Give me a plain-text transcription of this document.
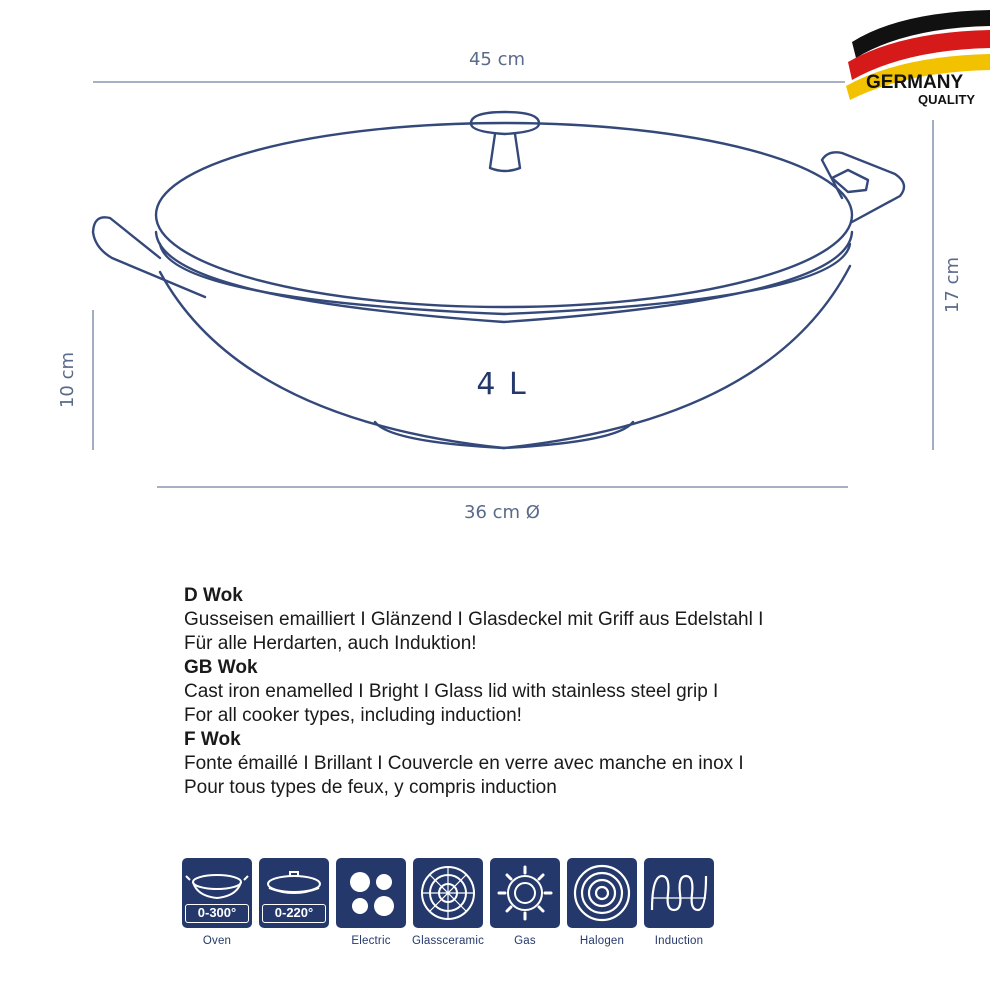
45 cm
17 cm
10 cm
36 cm Ø
4 L
GERMANY
QUALITY
D Wok
Gusseisen emailliert I Glänzend I Glasdeckel mit Griff aus Edelstahl I
Für alle Herdarten, auch Induktion!
GB Wok
Cast iron enamelled I Bright I Glass lid with stainless steel grip I
For all cooker types, including induction!
F Wok
Fonte émaillé I Brillant I Couvercle en verre avec manche en inox I
Pour tous types de feux, y compris induction
0-300°
Oven
0-220°
Electric Glassceramic	Gas	Halogen	Induction
